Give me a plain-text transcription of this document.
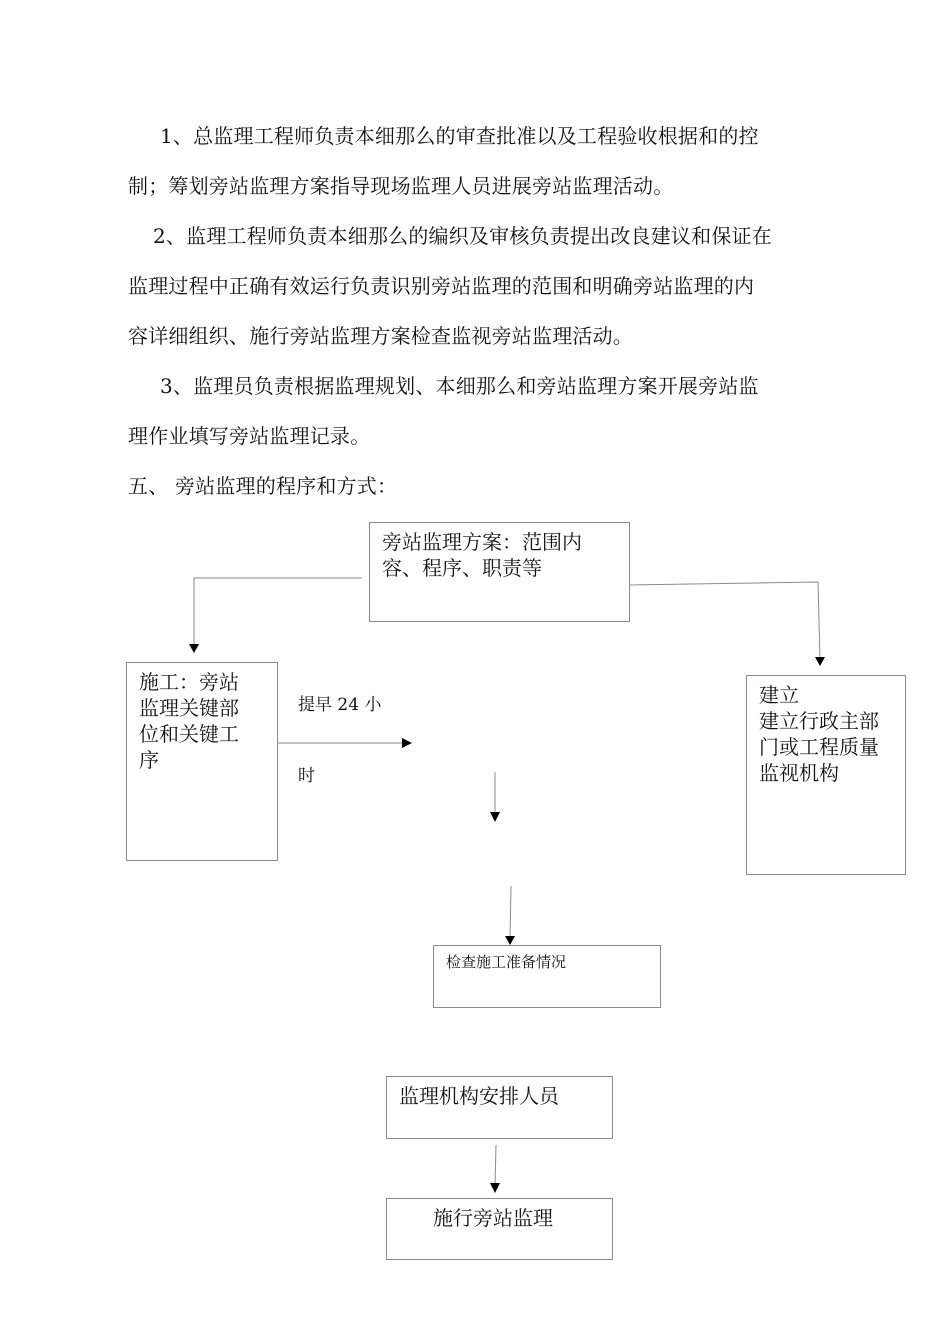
1、总监理工程师负责本细那么的审查批准以及工程验收根据和的控

制；筹划旁站监理方案指导现场监理人员进展旁站监理活动。

2、监理工程师负责本细那么的编织及审核负责提出改良建议和保证在

监理过程中正确有效运行负责识别旁站监理的范围和明确旁站监理的内

容详细组织、施行旁站监理方案检查监视旁站监理活动。

3、监理员负责根据监理规划、本细那么和旁站监理方案开展旁站监

理作业填写旁站监理记录。

五、 旁站监理的程序和方式：

旁站监理方案：范围内
容、程序、职责等

施工：旁站
监理关键部
位和关键工
序

提早 24 小

时

建立
建立行政主部
门或工程质量
监视机构

检查施工准备情况

监理机构安排人员

施行旁站监理
